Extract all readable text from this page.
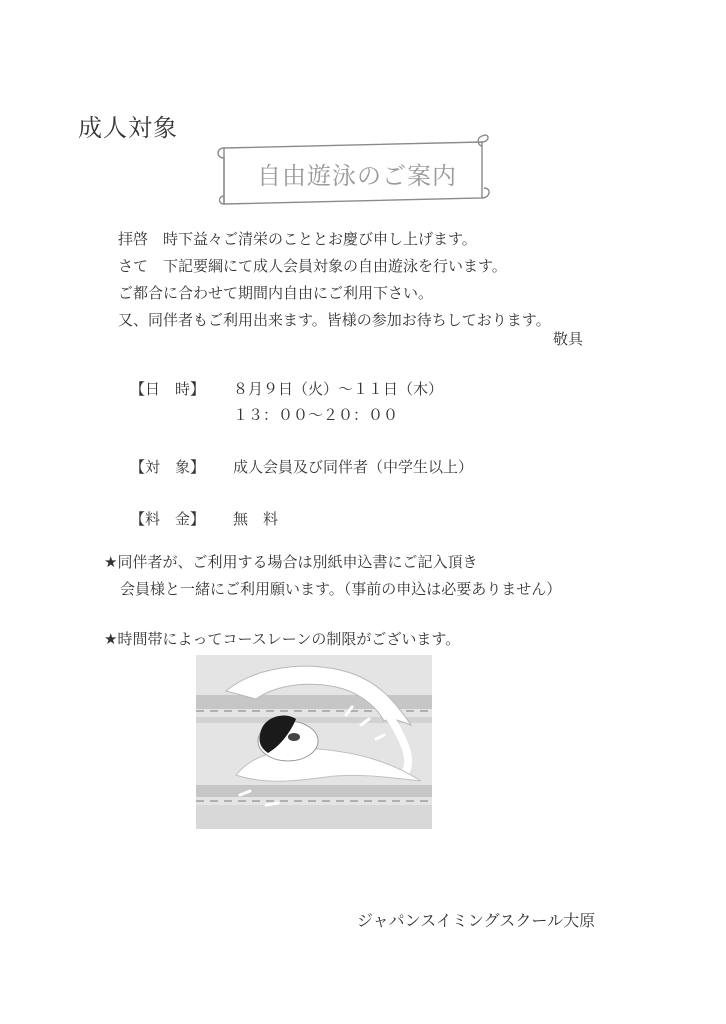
成人対象
自由遊泳のご案内
拝啓　時下益々ご清栄のこととお慶び申し上げます。
さて　下記要綱にて成人会員対象の自由遊泳を行います。
ご都合に合わせて期間内自由にご利用下さい。
又、同伴者もご利用出来ます。皆様の参加お待ちしております。
敬具
【日　時】 ８月９日（火）〜１１日（木）
１３：００〜２０：００
【対　象】 成人会員及び同伴者（中学生以上）
【料　金】 無　料
★同伴者が、ご利用する場合は別紙申込書にご記入頂き
会員様と一緒にご利用願います。（事前の申込は必要ありません）
★時間帯によってコースレーンの制限がございます。
ジャパンスイミングスクール大原
